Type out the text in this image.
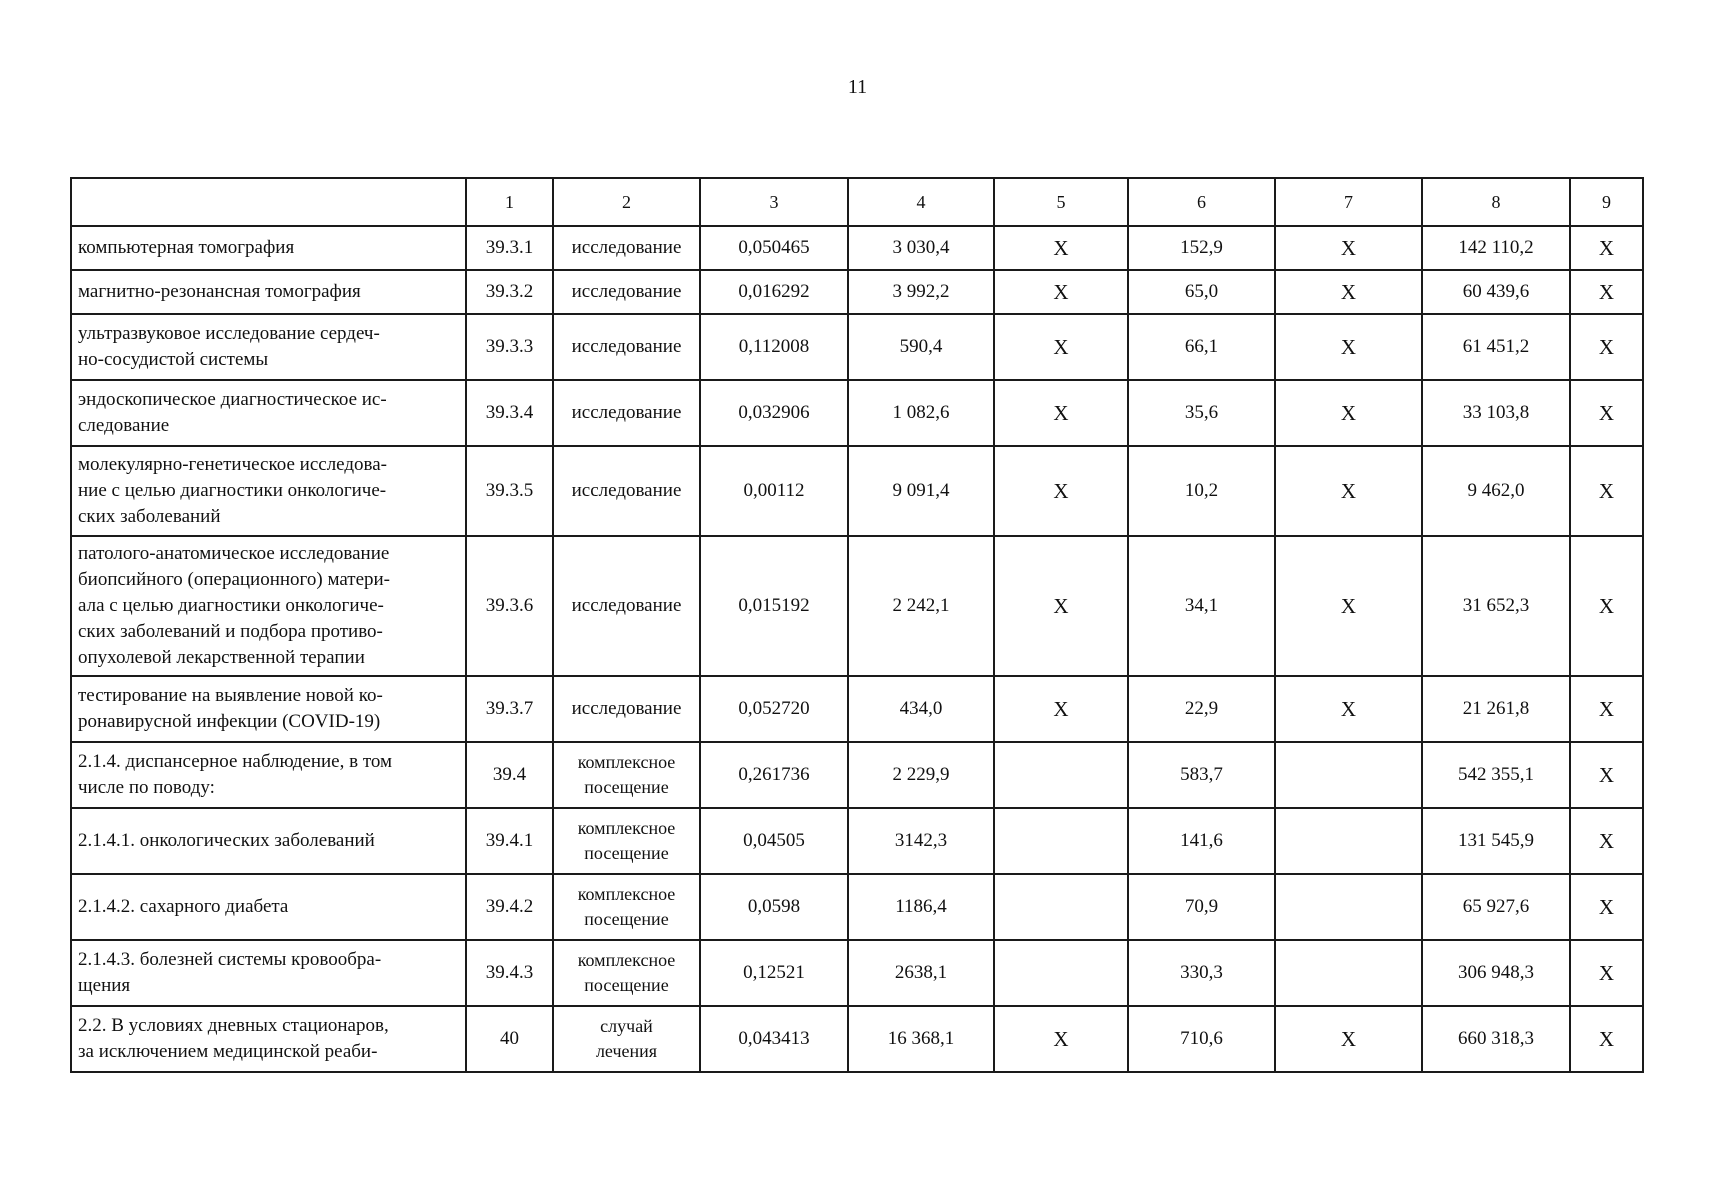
11
	1	2	3	4	5	6	7	8	9
компьютерная томография	39.3.1	исследование	0,050465	3 030,4	X	152,9	X	142 110,2	X
магнитно-резонансная томография	39.3.2	исследование	0,016292	3 992,2	X	65,0	X	60 439,6	X
ультразвуковое исследование сердеч-
но-сосудистой системы	39.3.3	исследование	0,112008	590,4	X	66,1	X	61 451,2	X
эндоскопическое диагностическое ис-
следование	39.3.4	исследование	0,032906	1 082,6	X	35,6	X	33 103,8	X
молекулярно-генетическое исследова-
ние с целью диагностики онкологиче-
ских заболеваний	39.3.5	исследование	0,00112	9 091,4	X	10,2	X	9 462,0	X
патолого-анатомическое исследование
биопсийного (операционного) матери-
ала с целью диагностики онкологиче-
ских заболеваний и подбора противо-
опухолевой лекарственной терапии	39.3.6	исследование	0,015192	2 242,1	X	34,1	X	31 652,3	X
тестирование на выявление новой ко-
ронавирусной инфекции (COVID-19)	39.3.7	исследование	0,052720	434,0	X	22,9	X	21 261,8	X
2.1.4. диспансерное наблюдение, в том
числе по поводу:	39.4	комплексное
посещение	0,261736	2 229,9		583,7		542 355,1	X
2.1.4.1. онкологических заболеваний	39.4.1	комплексное
посещение	0,04505	3142,3		141,6		131 545,9	X
2.1.4.2. сахарного диабета	39.4.2	комплексное
посещение	0,0598	1186,4		70,9		65 927,6	X
2.1.4.3. болезней системы кровообра-
щения	39.4.3	комплексное
посещение	0,12521	2638,1		330,3		306 948,3	X
2.2. В условиях дневных стационаров,
за исключением медицинской реаби-	40	случай
лечения	0,043413	16 368,1	X	710,6	X	660 318,3	X
